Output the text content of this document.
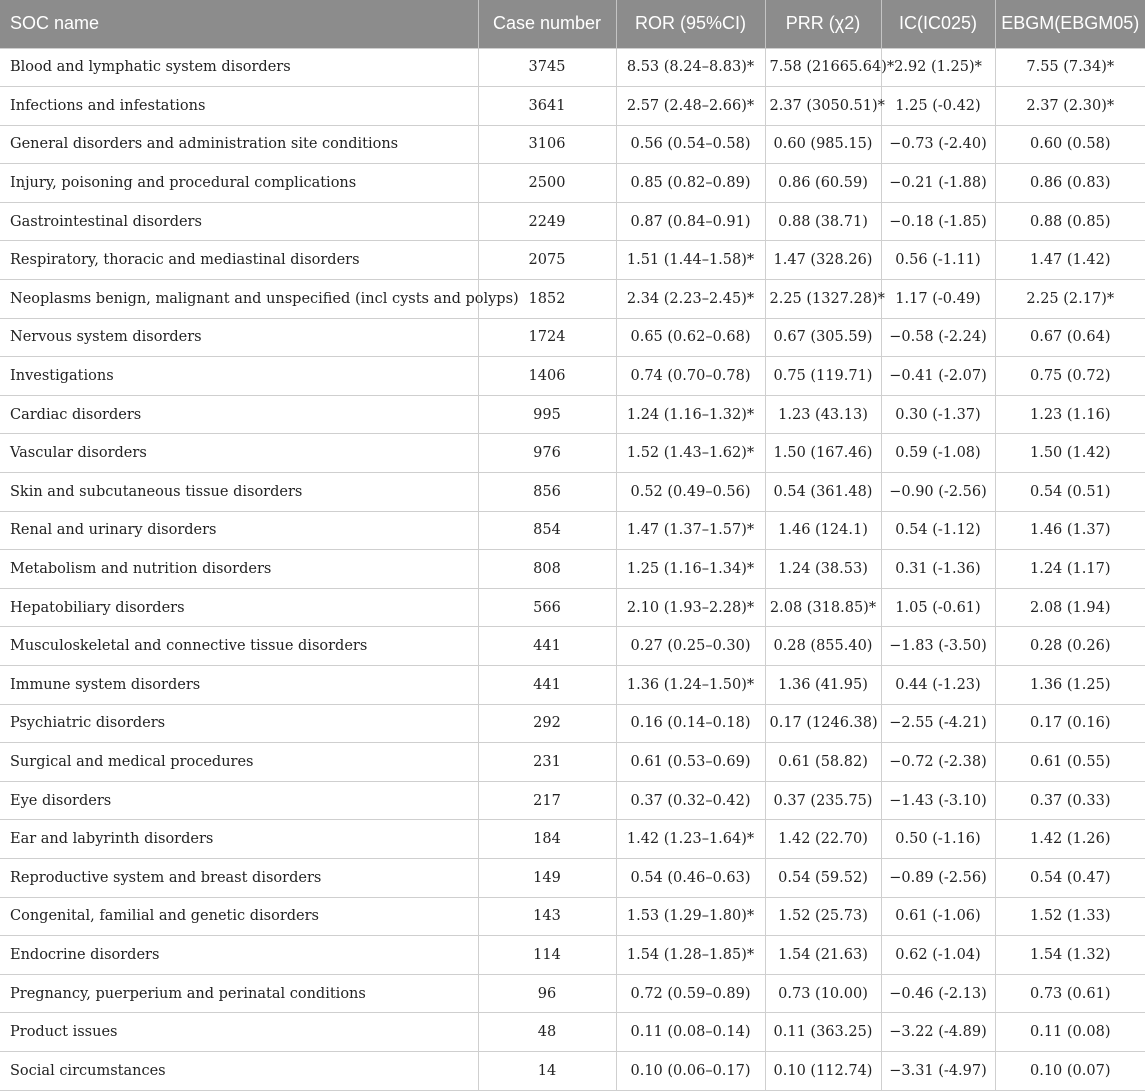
SOC name	Case number	ROR (95%CI)	PRR (χ2)	IC(IC025)	EBGM(EBGM05)
Blood and lymphatic system disorders	3745	8.53 (8.24–8.83)*	7.58 (21665.64)*	2.92 (1.25)*	7.55 (7.34)*
Infections and infestations	3641	2.57 (2.48–2.66)*	2.37 (3050.51)*	1.25 (-0.42)	2.37 (2.30)*
General disorders and administration site conditions	3106	0.56 (0.54–0.58)	0.60 (985.15)	−0.73 (-2.40)	0.60 (0.58)
Injury, poisoning and procedural complications	2500	0.85 (0.82–0.89)	0.86 (60.59)	−0.21 (-1.88)	0.86 (0.83)
Gastrointestinal disorders	2249	0.87 (0.84–0.91)	0.88 (38.71)	−0.18 (-1.85)	0.88 (0.85)
Respiratory, thoracic and mediastinal disorders	2075	1.51 (1.44–1.58)*	1.47 (328.26)	0.56 (-1.11)	1.47 (1.42)
Neoplasms benign, malignant and unspecified (incl cysts and polyps)	1852	2.34 (2.23–2.45)*	2.25 (1327.28)*	1.17 (-0.49)	2.25 (2.17)*
Nervous system disorders	1724	0.65 (0.62–0.68)	0.67 (305.59)	−0.58 (-2.24)	0.67 (0.64)
Investigations	1406	0.74 (0.70–0.78)	0.75 (119.71)	−0.41 (-2.07)	0.75 (0.72)
Cardiac disorders	995	1.24 (1.16–1.32)*	1.23 (43.13)	0.30 (-1.37)	1.23 (1.16)
Vascular disorders	976	1.52 (1.43–1.62)*	1.50 (167.46)	0.59 (-1.08)	1.50 (1.42)
Skin and subcutaneous tissue disorders	856	0.52 (0.49–0.56)	0.54 (361.48)	−0.90 (-2.56)	0.54 (0.51)
Renal and urinary disorders	854	1.47 (1.37–1.57)*	1.46 (124.1)	0.54 (-1.12)	1.46 (1.37)
Metabolism and nutrition disorders	808	1.25 (1.16–1.34)*	1.24 (38.53)	0.31 (-1.36)	1.24 (1.17)
Hepatobiliary disorders	566	2.10 (1.93–2.28)*	2.08 (318.85)*	1.05 (-0.61)	2.08 (1.94)
Musculoskeletal and connective tissue disorders	441	0.27 (0.25–0.30)	0.28 (855.40)	−1.83 (-3.50)	0.28 (0.26)
Immune system disorders	441	1.36 (1.24–1.50)*	1.36 (41.95)	0.44 (-1.23)	1.36 (1.25)
Psychiatric disorders	292	0.16 (0.14–0.18)	0.17 (1246.38)	−2.55 (-4.21)	0.17 (0.16)
Surgical and medical procedures	231	0.61 (0.53–0.69)	0.61 (58.82)	−0.72 (-2.38)	0.61 (0.55)
Eye disorders	217	0.37 (0.32–0.42)	0.37 (235.75)	−1.43 (-3.10)	0.37 (0.33)
Ear and labyrinth disorders	184	1.42 (1.23–1.64)*	1.42 (22.70)	0.50 (-1.16)	1.42 (1.26)
Reproductive system and breast disorders	149	0.54 (0.46–0.63)	0.54 (59.52)	−0.89 (-2.56)	0.54 (0.47)
Congenital, familial and genetic disorders	143	1.53 (1.29–1.80)*	1.52 (25.73)	0.61 (-1.06)	1.52 (1.33)
Endocrine disorders	114	1.54 (1.28–1.85)*	1.54 (21.63)	0.62 (-1.04)	1.54 (1.32)
Pregnancy, puerperium and perinatal conditions	96	0.72 (0.59–0.89)	0.73 (10.00)	−0.46 (-2.13)	0.73 (0.61)
Product issues	48	0.11 (0.08–0.14)	0.11 (363.25)	−3.22 (-4.89)	0.11 (0.08)
Social circumstances	14	0.10 (0.06–0.17)	0.10 (112.74)	−3.31 (-4.97)	0.10 (0.07)
